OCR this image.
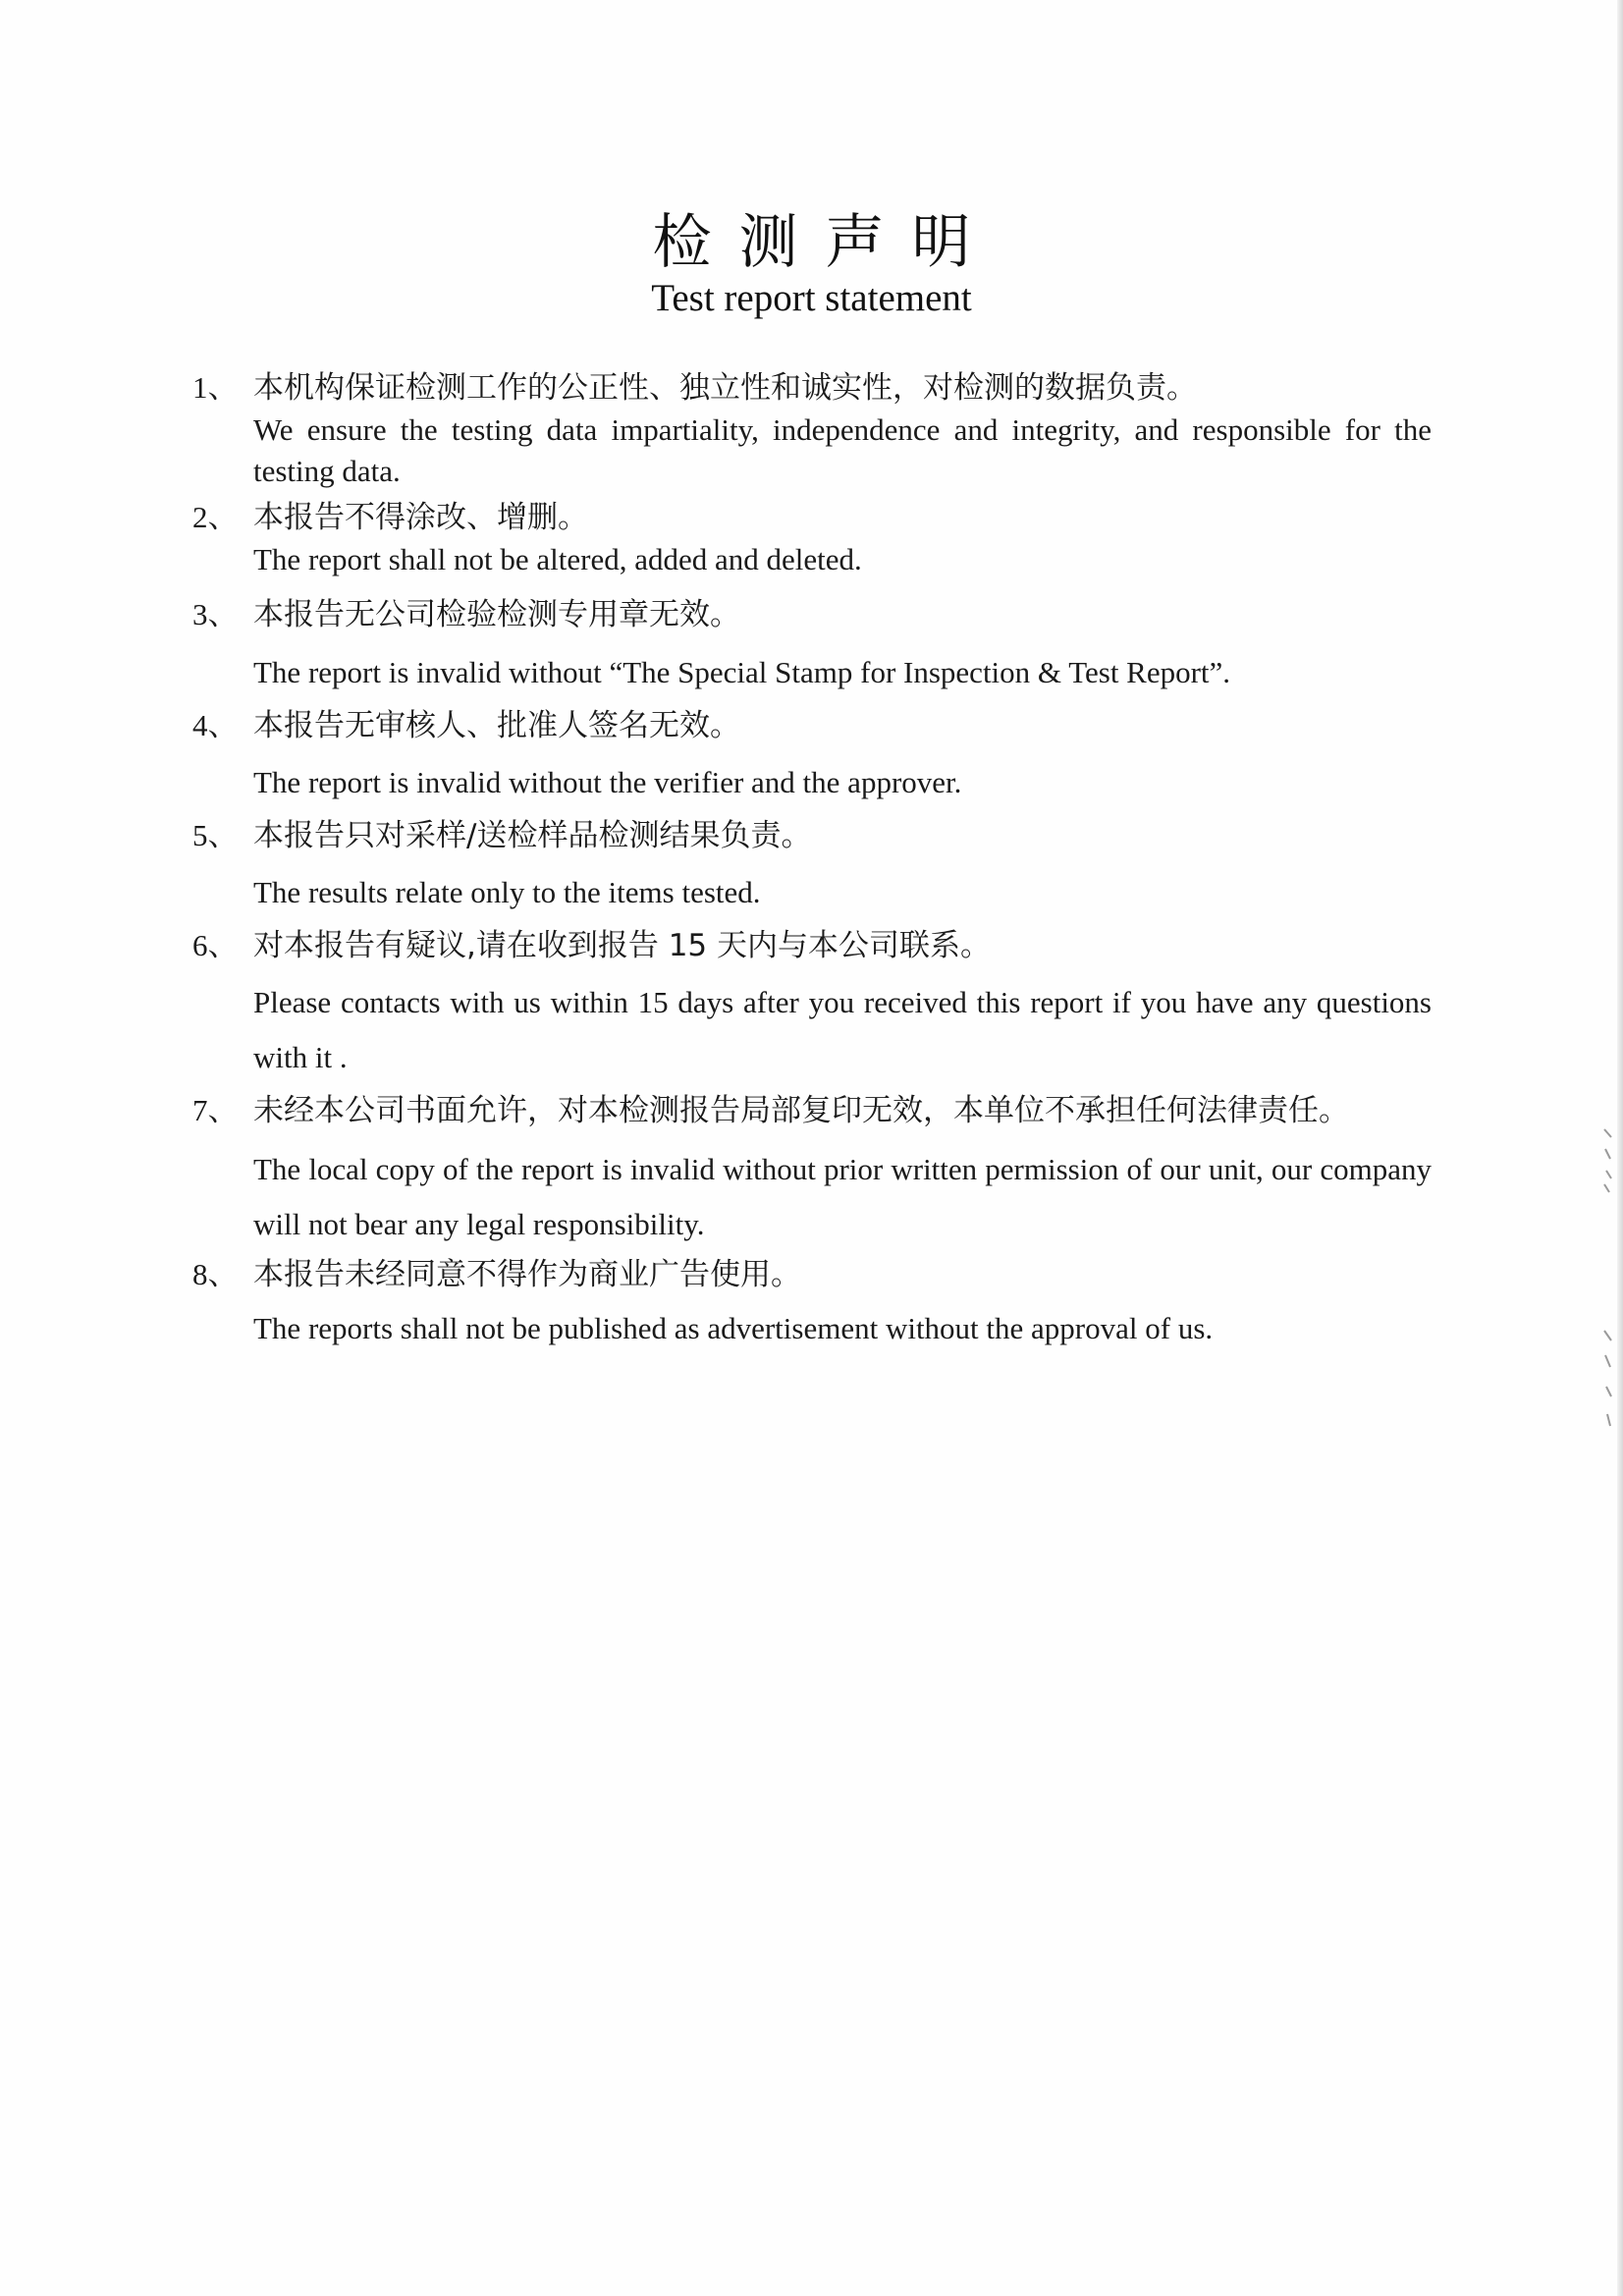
检测声明
Test report statement
1、 本机构保证检测工作的公正性、独立性和诚实性，对检测的数据负责。
We ensure the testing data impartiality, independence and integrity, and responsible for the testing data.
2、 本报告不得涂改、增删。
The report shall not be altered, added and deleted.
3、 本报告无公司检验检测专用章无效。
The report is invalid without “The Special Stamp for Inspection & Test Report”.
4、 本报告无审核人、批准人签名无效。
The report is invalid without the verifier and the approver.
5、 本报告只对采样/送检样品检测结果负责。
The results relate only to the items tested.
6、 对本报告有疑议,请在收到报告 15 天内与本公司联系。
Please contacts with us within 15 days after you received this report if you have any questions with it .
7、 未经本公司书面允许，对本检测报告局部复印无效，本单位不承担任何法律责任。
The local copy of the report is invalid without prior written permission of our unit, our company will not bear any legal responsibility.
8、 本报告未经同意不得作为商业广告使用。
The reports shall not be published as advertisement without the approval of us.
